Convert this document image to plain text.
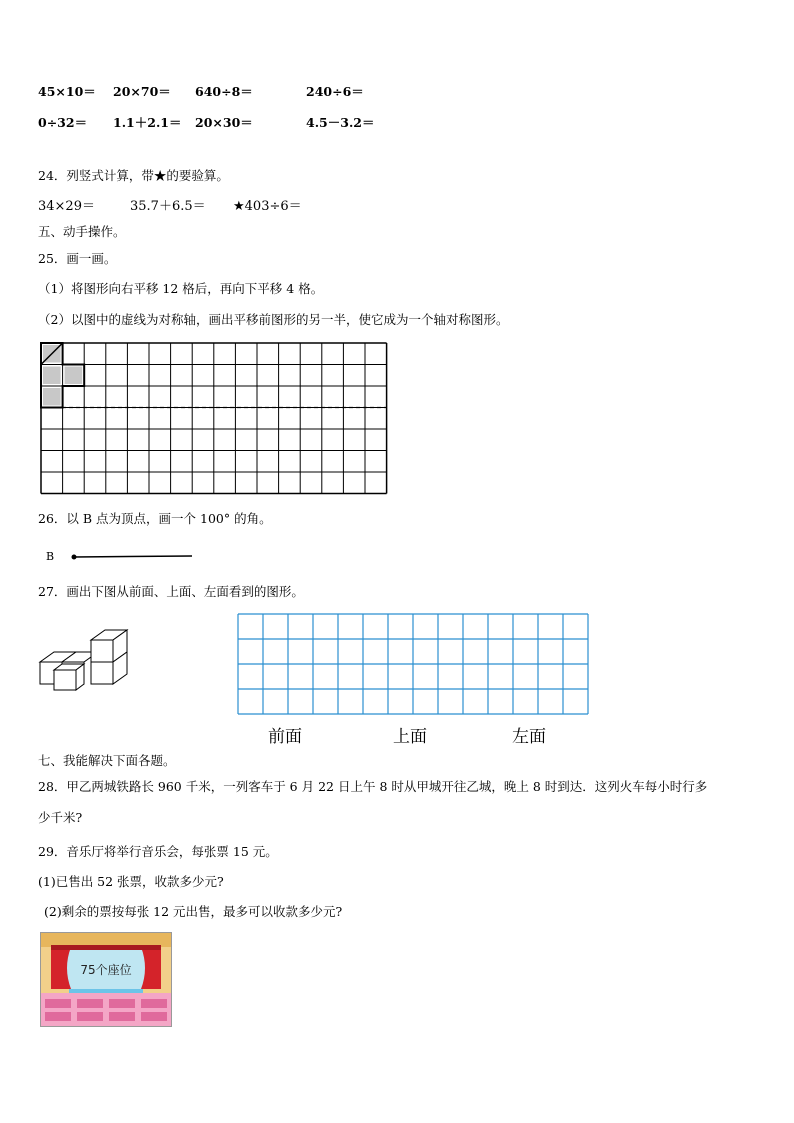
45×10＝ 20×70＝ 640÷8＝	240÷6＝
0÷32＝ 1.1＋2.1＝ 20×30＝	4.5－3.2＝
24．列竖式计算，带★的要验算。
34×29＝	35.7＋6.5＝ ★403÷6＝
五、动手操作。
25．画一画。
（1）将图形向右平移 12 格后，再向下平移 4 格。
（2）以图中的虚线为对称轴，画出平移前图形的另一半，使它成为一个轴对称图形。
26．以 B 点为顶点，画一个 100° 的角。
B
27．画出下图从前面、上面、左面看到的图形。
前面	上面	左面
七、我能解决下面各题。
28．甲乙两城铁路长 960 千米，一列客车于 6 月 22 日上午 8 时从甲城开往乙城，晚上 8 时到达．这列火车每小时行多
少千米?
29．音乐厅将举行音乐会，每张票 15 元。
(1)已售出 52 张票，收款多少元?
(2)剩余的票按每张 12 元出售，最多可以收款多少元?
75个座位
